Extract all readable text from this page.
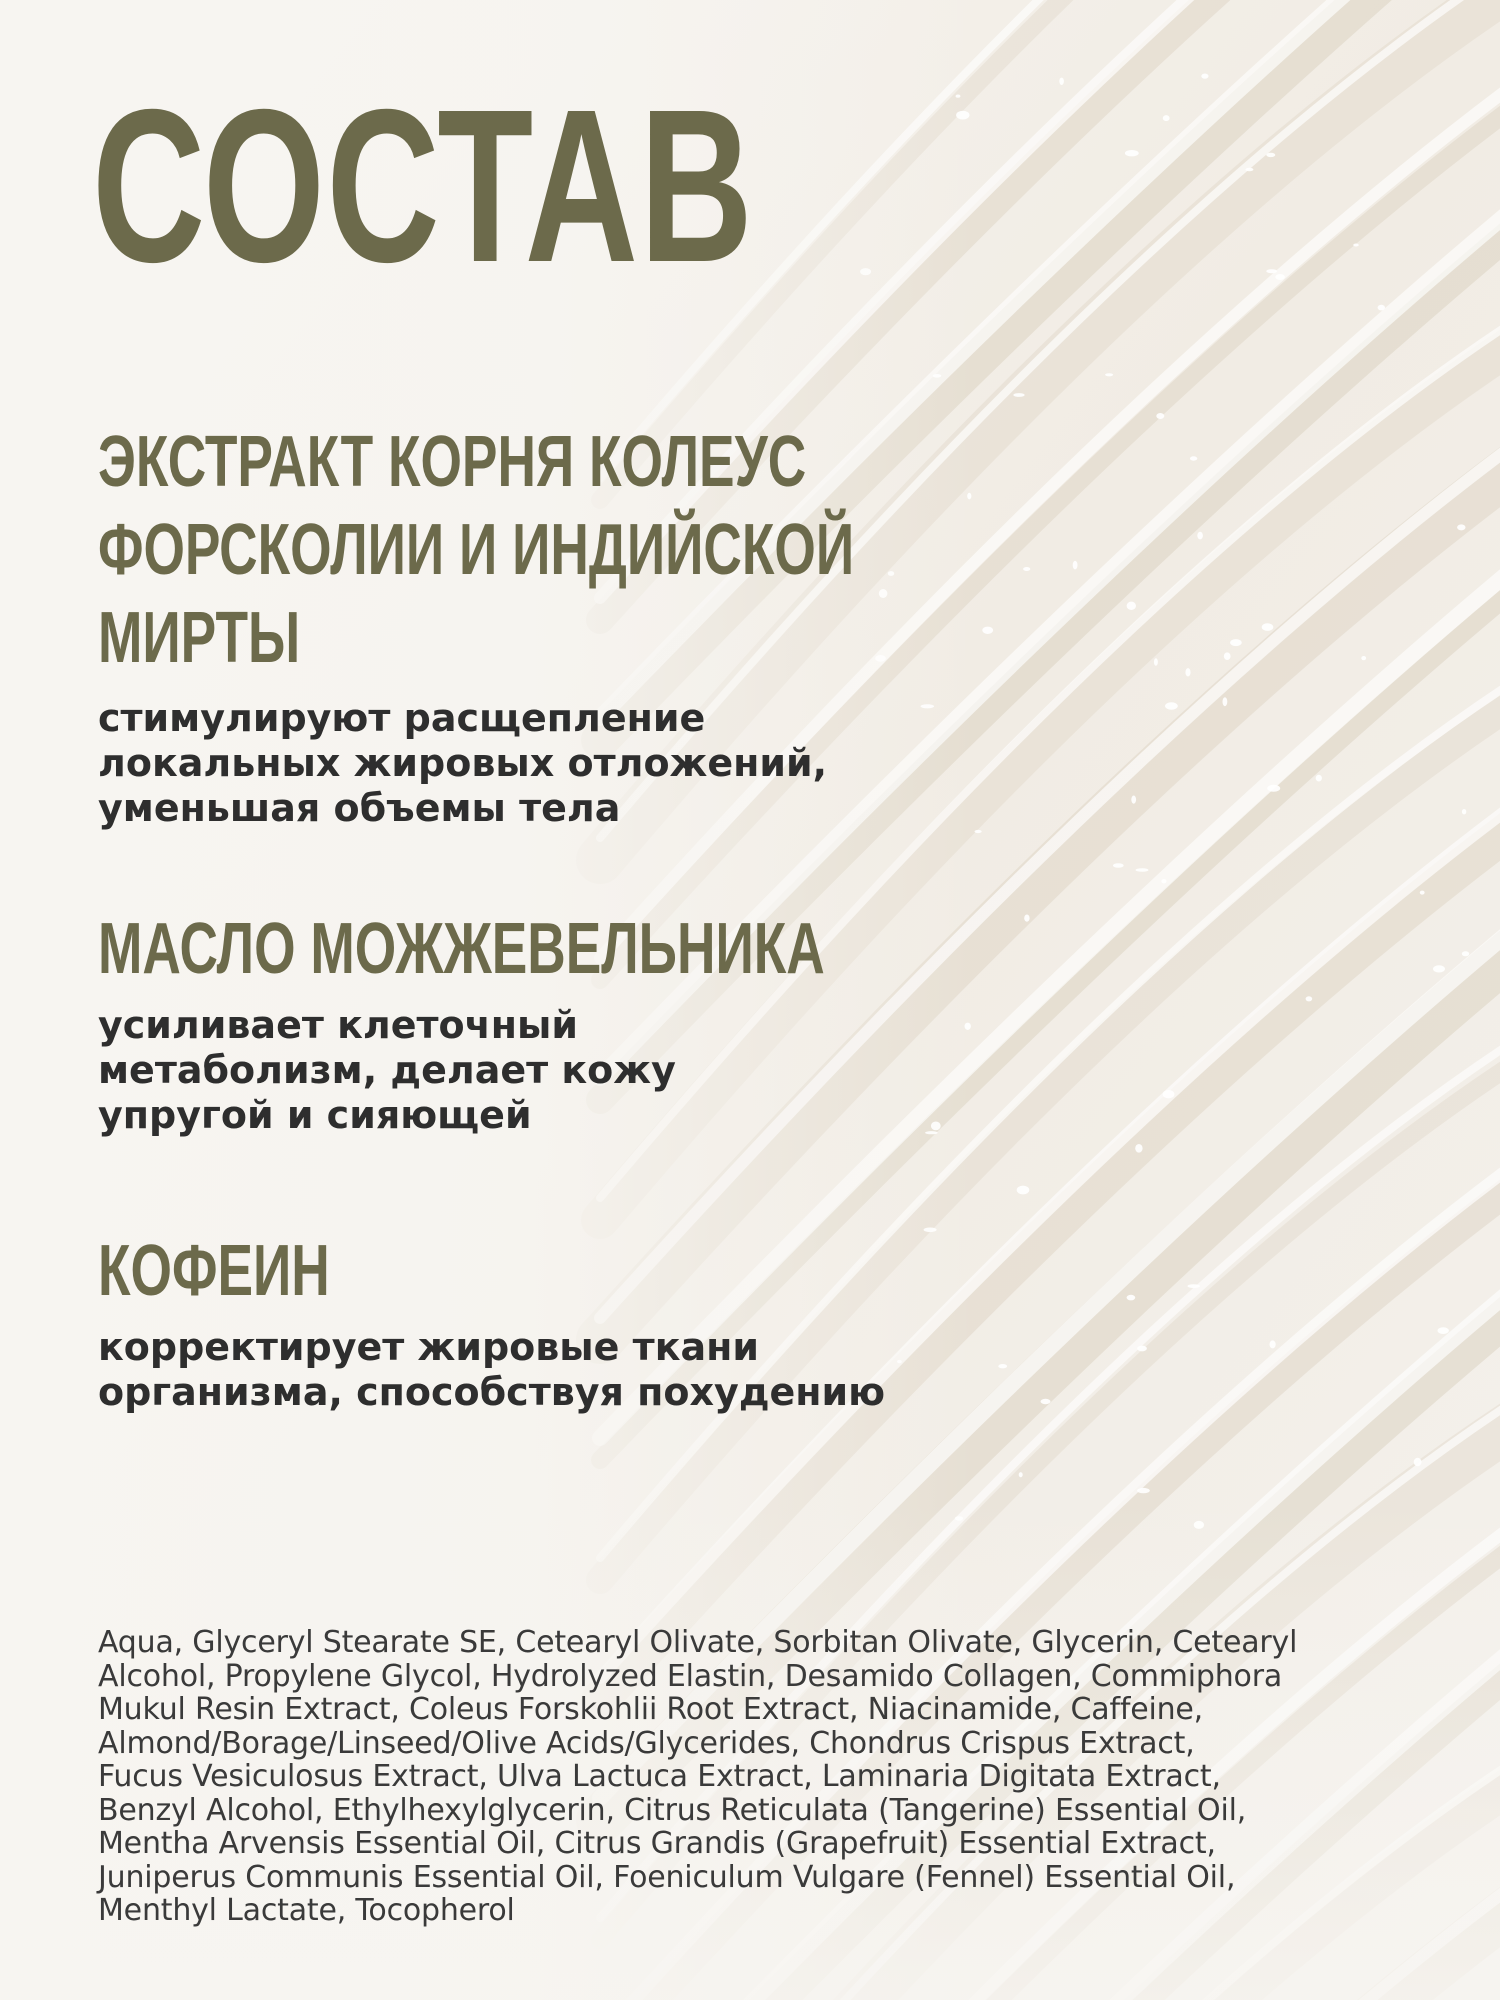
СОСТАВ
ЭКСТРАКТ КОРНЯ КОЛЕУС
ФОРСКОЛИИ И ИНДИЙСКОЙ
МИРТЫ
стимулируют расщепление
локальных жировых отложений,
уменьшая объемы тела
МАСЛО МОЖЖЕВЕЛЬНИКА
усиливает клеточный
метаболизм, делает кожу
упругой и сияющей
КОФЕИН
корректирует жировые ткани
организма, способствуя похудению
Aqua, Glyceryl Stearate SE, Cetearyl Olivate, Sorbitan Olivate, Glycerin, Cetearyl
Alcohol, Propylene Glycol, Hydrolyzed Elastin, Desamido Collagen, Commiphora
Mukul Resin Extract, Coleus Forskohlii Root Extract, Niacinamide, Caffeine,
Almond/Borage/Linseed/Olive Acids/Glycerides, Chondrus Crispus Extract,
Fucus Vesiculosus Extract, Ulva Lactuca Extract, Laminaria Digitata Extract,
Benzyl Alcohol, Ethylhexylglycerin, Citrus Reticulata (Tangerine) Essential Oil,
Mentha Arvensis Essential Oil, Citrus Grandis (Grapefruit) Essential Extract,
Juniperus Communis Essential Oil, Foeniculum Vulgare (Fennel) Essential Oil,
Menthyl Lactate, Tocopherol
